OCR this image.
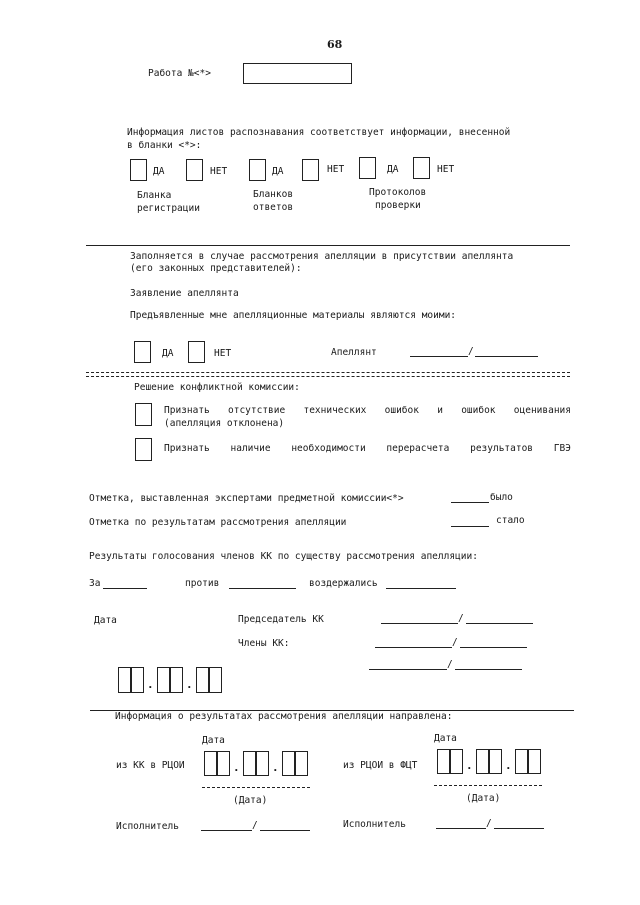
68
Работа №<*>
Информация листов распознавания соответствует информации, внесенной
в бланки <*>:
ДА	НЕТ
Бланка
регистрации
ДА	НЕТ
Бланков
ответов
ДА	НЕТ
Протоколов
проверки
Заполняется в случае рассмотрения апелляции в присутствии апеллянта
(его законных представителей):
Заявление апеллянта
Предъявленные мне апелляционные материалы являются моими:
ДА	НЕТ	Апеллянт	/
Решение конфликтной комиссии:
Признать отсутствие технических ошибок и ошибок оценивания
(апелляция отклонена)
Признать наличие необходимости перерасчета результатов ГВЭ
Отметка, выставленная экспертами предметной комиссии<*>	было
Отметка по результатам рассмотрения апелляции	стало
Результаты голосования членов КК по существу рассмотрения апелляции:
За	против	воздержались
Дата	Председатель КК	/
Члены КК:	/
/
.	.
Информация о результатах рассмотрения апелляции направлена:
Дата
из КК в РЦОИ	.	.
(Дата)
Дата
из РЦОИ в ФЦТ	.	.
(Дата)
Исполнитель	/	Исполнитель	/
